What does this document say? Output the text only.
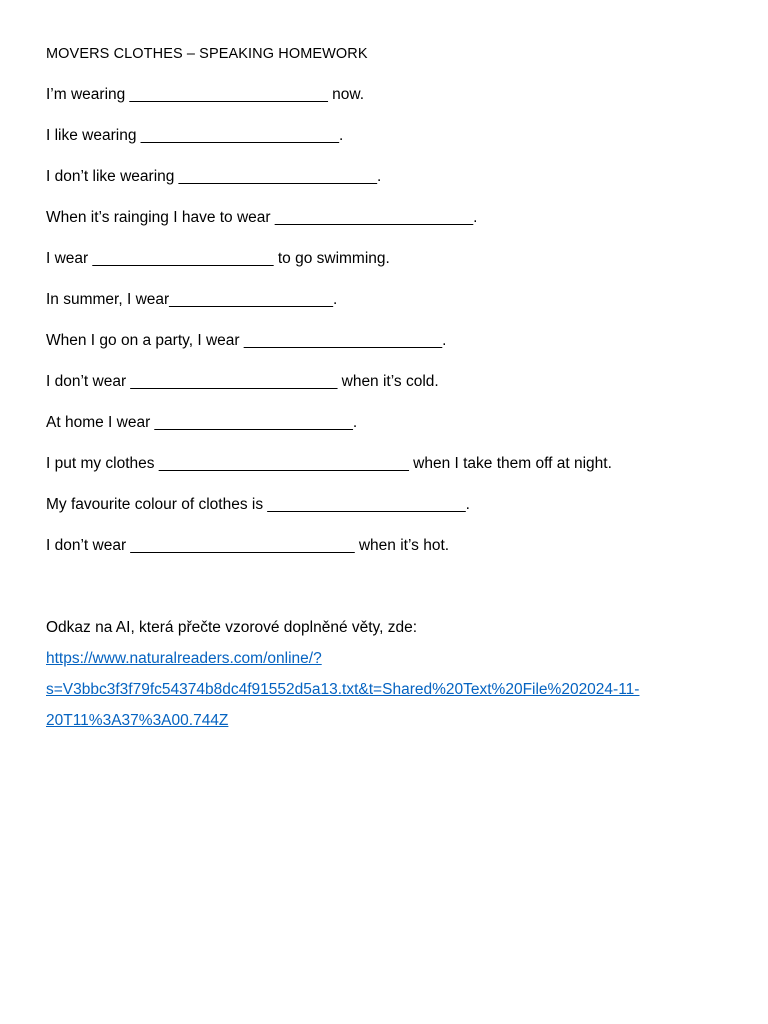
MOVERS CLOTHES – SPEAKING HOMEWORK

I’m wearing _______________________ now.

I like wearing _______________________.

I don’t like wearing _______________________.

When it’s rainging I have to wear _______________________.

I wear _____________________ to go swimming.

In summer, I wear___________________.

When I go on a party, I wear _______________________.

I don’t wear ________________________ when it’s cold.

At home I wear _______________________.

I put my clothes _____________________________ when I take them off at night.

My favourite colour of clothes is _______________________.

I don’t wear __________________________ when it’s hot.

Odkaz na AI, která přečte vzorové doplněné věty, zde:

https://www.naturalreaders.com/online/?
s=V3bbc3f3f79fc54374b8dc4f91552d5a13.txt&t=Shared%20Text%20File%202024-11-
20T11%3A37%3A00.744Z
